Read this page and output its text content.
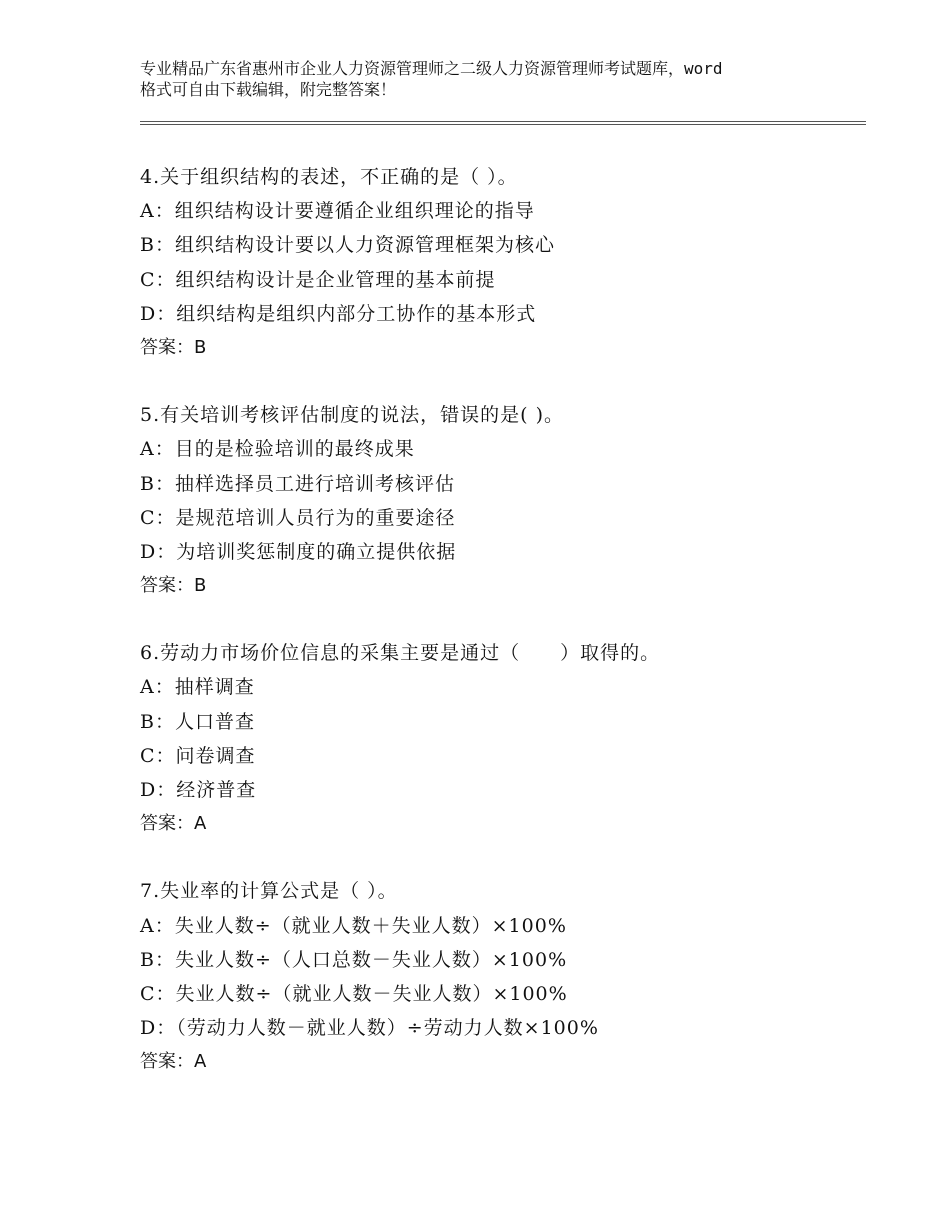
专业精品广东省惠州市企业人力资源管理师之二级人力资源管理师考试题库，word
格式可自由下载编辑，附完整答案！
4.关于组织结构的表述，不正确的是（ ）。
A：组织结构设计要遵循企业组织理论的指导
B：组织结构设计要以人力资源管理框架为核心
C：组织结构设计是企业管理的基本前提
D：组织结构是组织内部分工协作的基本形式
答案：B
5.有关培训考核评估制度的说法，错误的是( )。
A：目的是检验培训的最终成果
B：抽样选择员工进行培训考核评估
C：是规范培训人员行为的重要途径
D：为培训奖惩制度的确立提供依据
答案：B
6.劳动力市场价位信息的采集主要是通过（　　）取得的。
A：抽样调查
B：人口普查
C：问卷调查
D：经济普查
答案：A
7.失业率的计算公式是（ ）。
A：失业人数÷（就业人数＋失业人数）×100%
B：失业人数÷（人口总数－失业人数）×100%
C：失业人数÷（就业人数－失业人数）×100%
D：（劳动力人数－就业人数）÷劳动力人数×100%
答案：A
